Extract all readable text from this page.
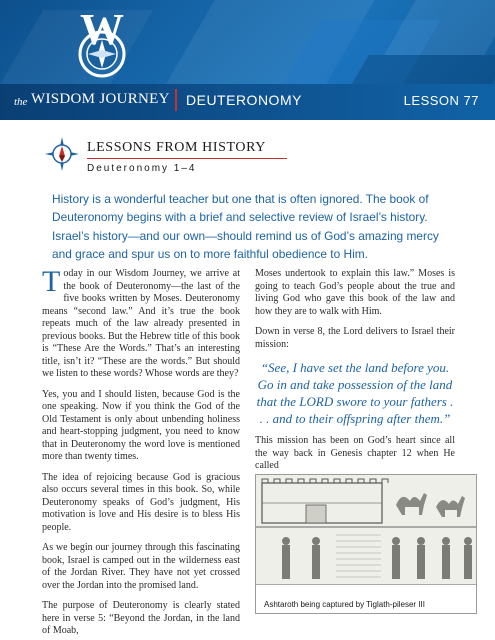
W
the WISDOM JOURNEY DEUTERONOMY	LESSON 77
LESSONS FROM HISTORY
Deuteronomy 1–4

History is a wonderful teacher but one that is often ignored. The book of Deuteronomy begins with a brief and selective review of Israel’s history. Israel’s history—and our own—should remind us of God’s amazing mercy and grace and spur us on to more faithful obedience to Him.

Today in our Wisdom Journey, we arrive at the book of Deuteronomy—the last of the five books written by Moses. Deuteronomy means “second law.” And it’s true the book repeats much of the law already presented in previous books. But the Hebrew title of this book is “These Are the Words.” That’s an interesting title, isn’t it? “These are the words.” But should we listen to these words? Whose words are they?

Yes, you and I should listen, because God is the one speaking. Now if you think the God of the Old Testament is only about unbending holiness and heart-stopping judgment, you need to know that in Deuteronomy the word love is mentioned more than twenty times.

The idea of rejoicing because God is gracious also occurs several times in this book. So, while Deuteronomy speaks of God’s judgment, His motivation is love and His desire is to bless His people.

As we begin our journey through this fascinating book, Israel is camped out in the wilderness east of the Jordan River. They have not yet crossed over the Jordan into the promised land.

The purpose of Deuteronomy is clearly stated here in verse 5: “Beyond the Jordan, in the land of Moab,

Moses undertook to explain this law.” Moses is going to teach God’s people about the true and living God who gave this book of the law and how they are to walk with Him.

Down in verse 8, the Lord delivers to Israel their mission:

“See, I have set the land before you. Go in and take possession of the land that the LORD swore to your fathers . . . and to their offspring after them.”

This mission has been on God’s heart since all the way back in Genesis chapter 12 when He called

Ashtaroth being captured by Tiglath-pileser III
